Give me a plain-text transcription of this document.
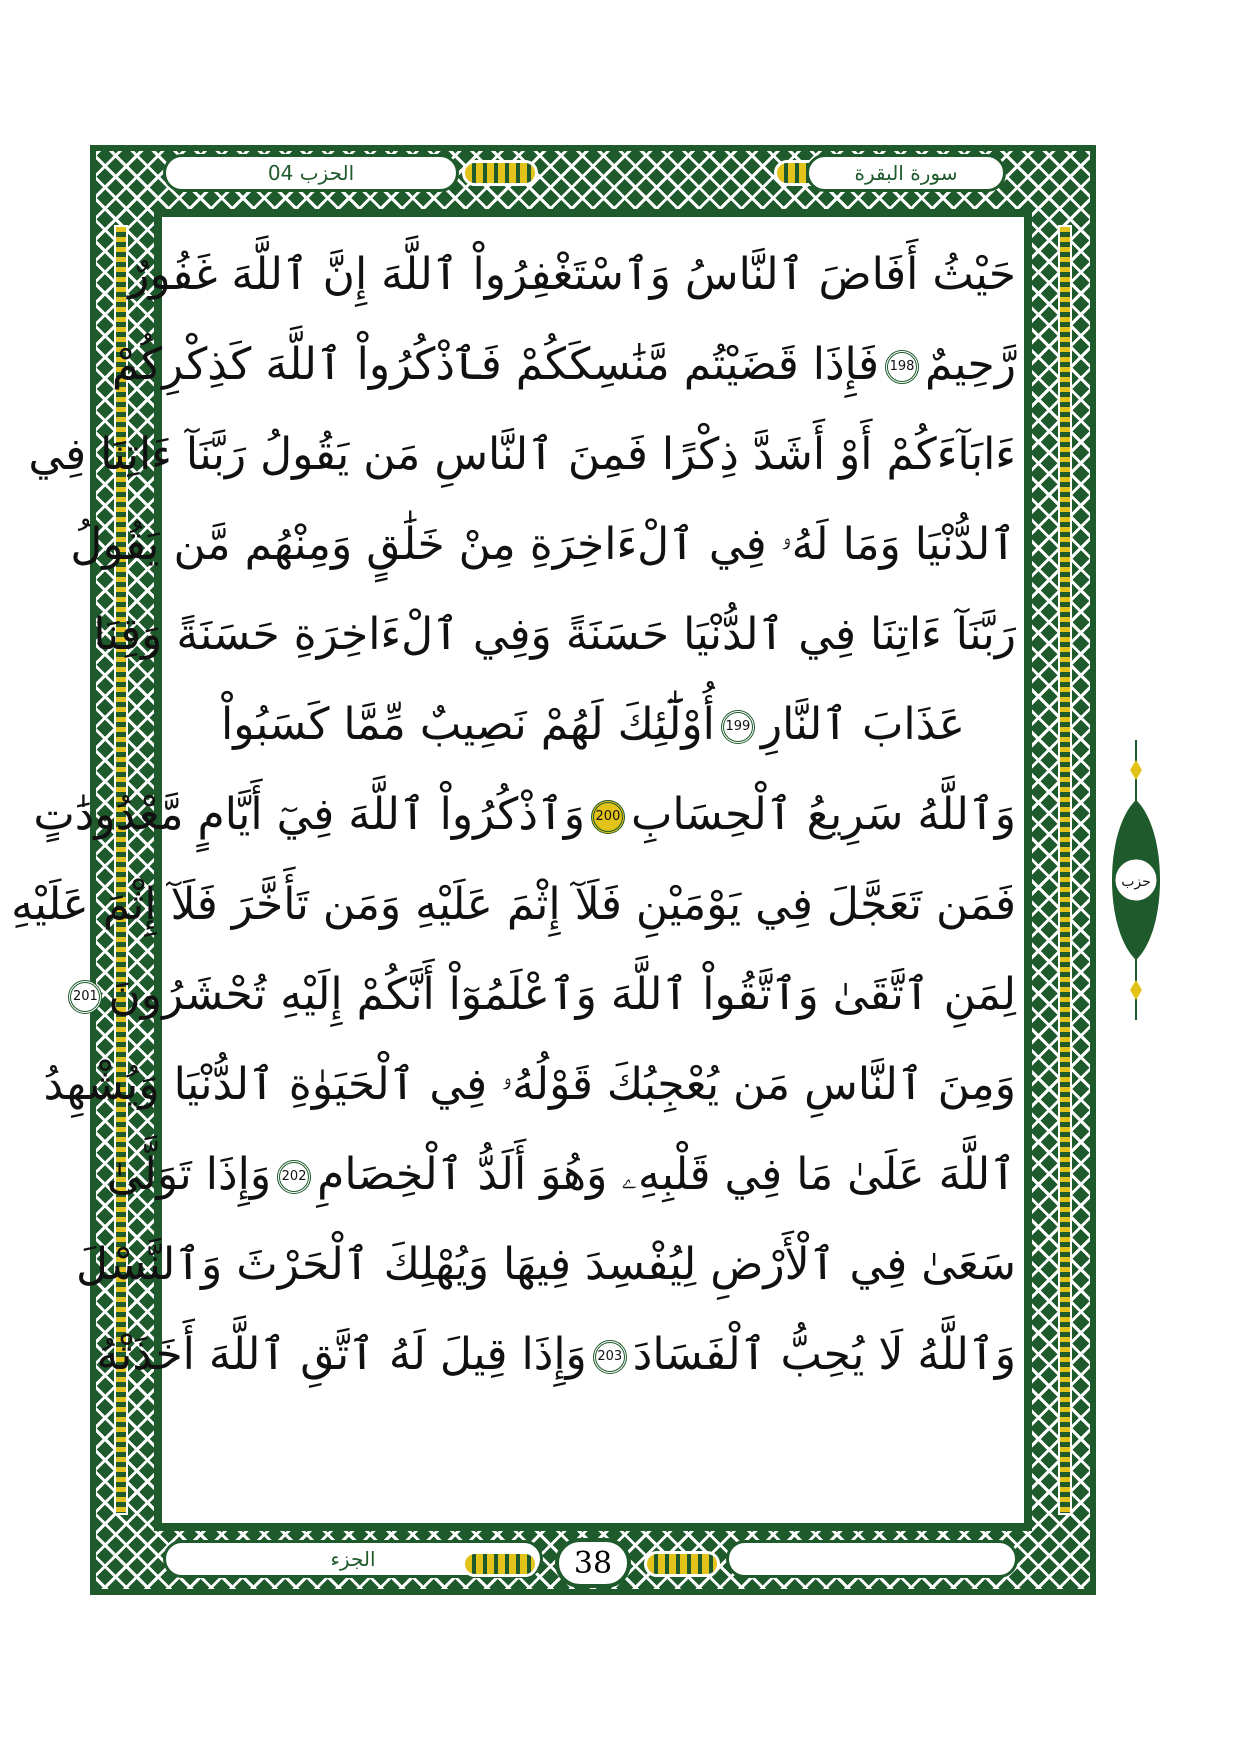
الحزب 04	سورة البقرة
حَيْثُ أَفَاضَ ٱلنَّاسُ وَٱسْتَغْفِرُواْ ٱللَّهَ إِنَّ ٱللَّهَ غَفُورٌ
رَّحِيمٌ198فَإِذَا قَضَيْتُم مَّنَٰسِكَكُمْ فَٱذْكُرُواْ ٱللَّهَ كَذِكْرِكُمْ
ءَابَآءَكُمْ أَوْ أَشَدَّ ذِكْرًا فَمِنَ ٱلنَّاسِ مَن يَقُولُ رَبَّنَآ ءَاتِنَا فِي
ٱلدُّنْيَا وَمَا لَهُۥ فِي ٱلْءَاخِرَةِ مِنْ خَلَٰقٍ وَمِنْهُم مَّن يَقُولُ
رَبَّنَآ ءَاتِنَا فِي ٱلدُّنْيَا حَسَنَةً وَفِي ٱلْءَاخِرَةِ حَسَنَةً وَقِنَا
عَذَابَ ٱلنَّارِ199أُوْلَٰٓئِكَ لَهُمْ نَصِيبٌ مِّمَّا كَسَبُواْ
وَٱللَّهُ سَرِيعُ ٱلْحِسَابِ200وَٱذْكُرُواْ ٱللَّهَ فِيٓ أَيَّامٍ مَّعْدُودَٰتٍ
فَمَن تَعَجَّلَ فِي يَوْمَيْنِ فَلَآ إِثْمَ عَلَيْهِ وَمَن تَأَخَّرَ فَلَآ إِثْمَ عَلَيْهِ
لِمَنِ ٱتَّقَىٰ وَٱتَّقُواْ ٱللَّهَ وَٱعْلَمُوٓاْ أَنَّكُمْ إِلَيْهِ تُحْشَرُونَ201
وَمِنَ ٱلنَّاسِ مَن يُعْجِبُكَ قَوْلُهُۥ فِي ٱلْحَيَوٰةِ ٱلدُّنْيَا وَيُشْهِدُ
ٱللَّهَ عَلَىٰ مَا فِي قَلْبِهِۦ وَهُوَ أَلَدُّ ٱلْخِصَامِ202وَإِذَا تَوَلَّىٰ
سَعَىٰ فِي ٱلْأَرْضِ لِيُفْسِدَ فِيهَا وَيُهْلِكَ ٱلْحَرْثَ وَٱلنَّسْلَ
وَٱللَّهُ لَا يُحِبُّ ٱلْفَسَادَ203وَإِذَا قِيلَ لَهُ ٱتَّقِ ٱللَّهَ أَخَذَتْهُ
الجزء	38
حزب
